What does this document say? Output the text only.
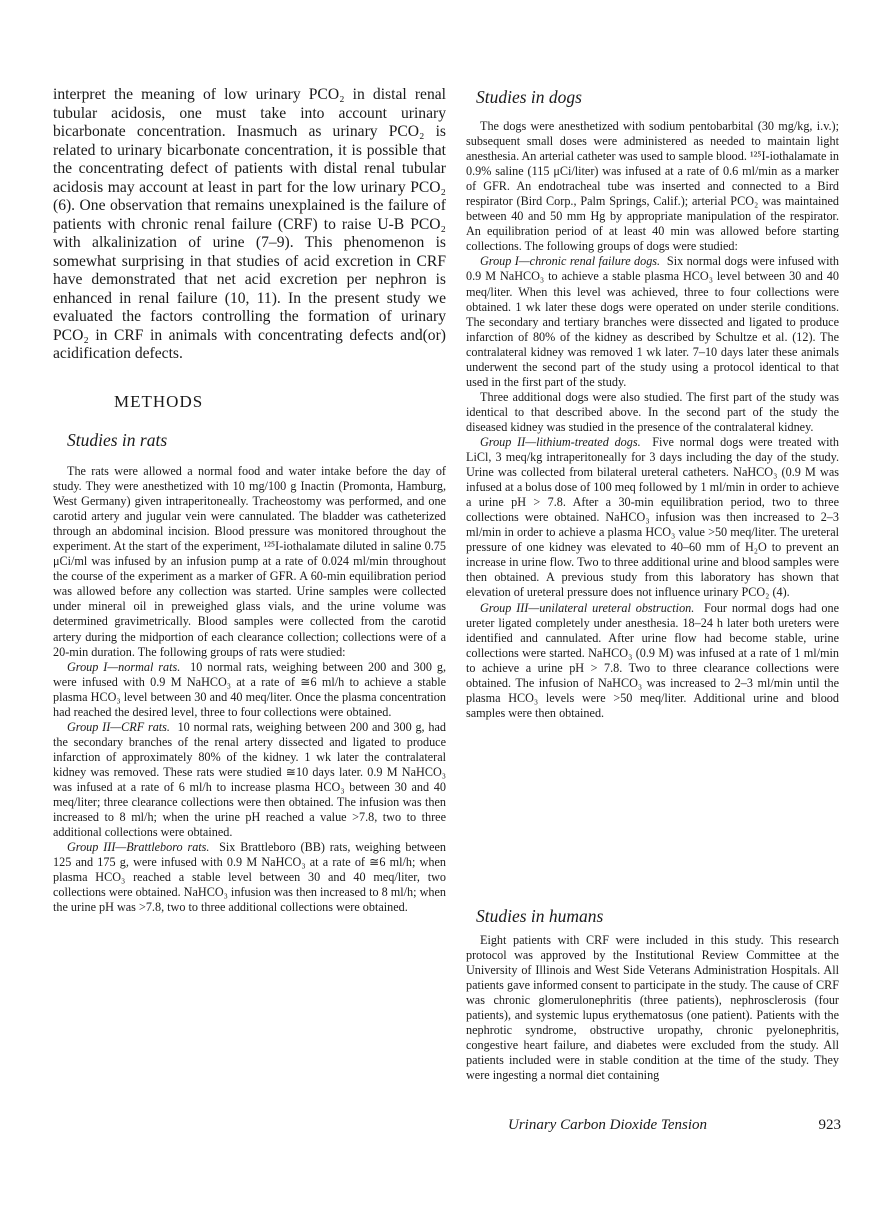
interpret the meaning of low urinary PCO₂ in distal renal tubular acidosis, one must take into account urinary bicarbonate concentration. Inasmuch as urinary PCO₂ is related to urinary bicarbonate concentration, it is possible that the concentrating defect of patients with distal renal tubular acidosis may account at least in part for the low urinary PCO₂ (6). One observation that remains unexplained is the failure of patients with chronic renal failure (CRF) to raise U-B PCO₂ with alkalinization of urine (7–9). This phenomenon is somewhat surprising in that studies of acid excretion in CRF have demonstrated that net acid excretion per nephron is enhanced in renal failure (10, 11). In the present study we evaluated the factors controlling the formation of urinary PCO₂ in CRF in animals with concentrating defects and(or) acidification defects.

METHODS
Studies in rats

The rats were allowed a normal food and water intake before the day of study. They were anesthetized with 10 mg/100 g Inactin (Promonta, Hamburg, West Germany) given intraperitoneally. Tracheostomy was performed, and one carotid artery and jugular vein were cannulated. The bladder was catheterized through an abdominal incision. Blood pressure was monitored throughout the experiment. At the start of the experiment, ¹²⁵I-iothalamate diluted in saline 0.75 μCi/ml was infused by an infusion pump at a rate of 0.024 ml/min throughout the course of the experiment as a marker of GFR. A 60-min equilibration period was allowed before any collection was started. Urine samples were collected under mineral oil in preweighed glass vials, and the urine volume was determined gravimetrically. Blood samples were collected from the carotid artery during the midportion of each clearance collection; collections were of a 20-min duration. The following groups of rats were studied:

Group I—normal rats. 10 normal rats, weighing between 200 and 300 g, were infused with 0.9 M NaHCO₃ at a rate of ≅6 ml/h to achieve a stable plasma HCO₃ level between 30 and 40 meq/liter. Once the plasma concentration had reached the desired level, three to four collections were obtained.

Group II—CRF rats. 10 normal rats, weighing between 200 and 300 g, had the secondary branches of the renal artery dissected and ligated to produce infarction of approximately 80% of the kidney. 1 wk later the contralateral kidney was removed. These rats were studied ≅10 days later. 0.9 M NaHCO₃ was infused at a rate of 6 ml/h to increase plasma HCO₃ between 30 and 40 meq/liter; three clearance collections were then obtained. The infusion was then increased to 8 ml/h; when the urine pH reached a value >7.8, two to three additional collections were obtained.

Group III—Brattleboro rats. Six Brattleboro (BB) rats, weighing between 125 and 175 g, were infused with 0.9 M NaHCO₃ at a rate of ≅6 ml/h; when plasma HCO₃ reached a stable level between 30 and 40 meq/liter, two collections were obtained. NaHCO₃ infusion was then increased to 8 ml/h; when the urine pH was >7.8, two to three additional collections were obtained.

Studies in dogs

The dogs were anesthetized with sodium pentobarbital (30 mg/kg, i.v.); subsequent small doses were administered as needed to maintain light anesthesia. An arterial catheter was used to sample blood. ¹²⁵I-iothalamate in 0.9% saline (115 μCi/liter) was infused at a rate of 0.6 ml/min as a marker of GFR. An endotracheal tube was inserted and connected to a Bird respirator (Bird Corp., Palm Springs, Calif.); arterial PCO₂ was maintained between 40 and 50 mm Hg by appropriate manipulation of the respirator. An equilibration period of at least 40 min was allowed before starting collections. The following groups of dogs were studied:

Group I—chronic renal failure dogs. Six normal dogs were infused with 0.9 M NaHCO₃ to achieve a stable plasma HCO₃ level between 30 and 40 meq/liter. When this level was achieved, three to four collections were obtained. 1 wk later these dogs were operated on under sterile conditions. The secondary and tertiary branches were dissected and ligated to produce infarction of 80% of the kidney as described by Schultze et al. (12). The contralateral kidney was removed 1 wk later. 7–10 days later these animals underwent the second part of the study using a protocol identical to that used in the first part of the study.

Three additional dogs were also studied. The first part of the study was identical to that described above. In the second part of the study the diseased kidney was studied in the presence of the contralateral kidney.

Group II—lithium-treated dogs. Five normal dogs were treated with LiCl, 3 meq/kg intraperitoneally for 3 days including the day of the study. Urine was collected from bilateral ureteral catheters. NaHCO₃ (0.9 M was infused at a bolus dose of 100 meq followed by 1 ml/min in order to achieve a urine pH > 7.8. After a 30-min equilibration period, two to three collections were obtained. NaHCO₃ infusion was then increased to 2–3 ml/min in order to achieve a plasma HCO₃ value >50 meq/liter. The ureteral pressure of one kidney was elevated to 40–60 mm of H₂O to prevent an increase in urine flow. Two to three additional urine and blood samples were then obtained. A previous study from this laboratory has shown that elevation of ureteral pressure does not influence urinary PCO₂ (4).

Group III—unilateral ureteral obstruction. Four normal dogs had one ureter ligated completely under anesthesia. 18–24 h later both ureters were identified and cannulated. After urine flow had become stable, urine collections were started. NaHCO₃ (0.9 M) was infused at a rate of 1 ml/min to achieve a urine pH > 7.8. Two to three clearance collections were obtained. The infusion of NaHCO₃ was increased to 2–3 ml/min until the plasma HCO₃ levels were >50 meq/liter. Additional urine and blood samples were then obtained.

Studies in humans

Eight patients with CRF were included in this study. This research protocol was approved by the Institutional Review Committee at the University of Illinois and West Side Veterans Administration Hospitals. All patients gave informed consent to participate in the study. The cause of CRF was chronic glomerulonephritis (three patients), nephrosclerosis (four patients), and systemic lupus erythematosus (one patient). Patients with the nephrotic syndrome, obstructive uropathy, chronic pyelonephritis, congestive heart failure, and diabetes were excluded from the study. All patients included were in stable condition at the time of the study. They were ingesting a normal diet containing

Urinary Carbon Dioxide Tension	923
